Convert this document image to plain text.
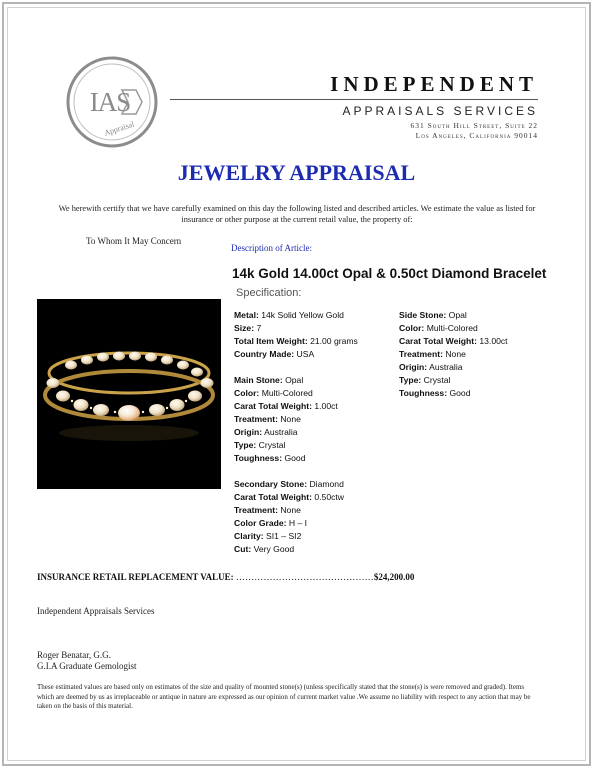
IAS
Appraisal
INDEPENDENT
APPRAISALS SERVICES
631 South Hill Street, Suite 22
Los Angeles, California 90014
JEWELRY APPRAISAL
We herewith certify that we have carefully examined on this day the following listed and described articles. We estimate the value as listed for insurance or other purpose at the current retail value, the property of:
To Whom It May Concern
Description of Article:
14k Gold 14.00ct Opal & 0.50ct Diamond Bracelet
Specification:
Metal: 14k Solid Yellow Gold
Size: 7
Total Item Weight: 21.00 grams
Country Made: USA
Main Stone: Opal
Color: Multi-Colored
Carat Total Weight: 1.00ct
Treatment: None
Origin: Australia
Type: Crystal
Toughness: Good
Secondary Stone: Diamond
Carat Total Weight: 0.50ctw
Treatment: None
Color Grade: H – I
Clarity: SI1 – SI2
Cut: Very Good
Side Stone: Opal
Color: Multi-Colored
Carat Total Weight: 13.00ct
Treatment: None
Origin: Australia
Type: Crystal
Toughness: Good
INSURANCE RETAIL REPLACEMENT VALUE: ………………………………………$24,200.00
Independent Appraisals Services
Roger Benatar, G.G.
G.I.A Graduate Gemologist
These estimated values are based only on estimates of the size and quality of mounted stone(s) (unless specifically stated that the stone(s) is were removed and graded). Items which are deemed by us as irreplaceable or antique in nature are expressed as our opinion of current market value .We assume no liability with respect to any action that may be taken on the basis of this material.
